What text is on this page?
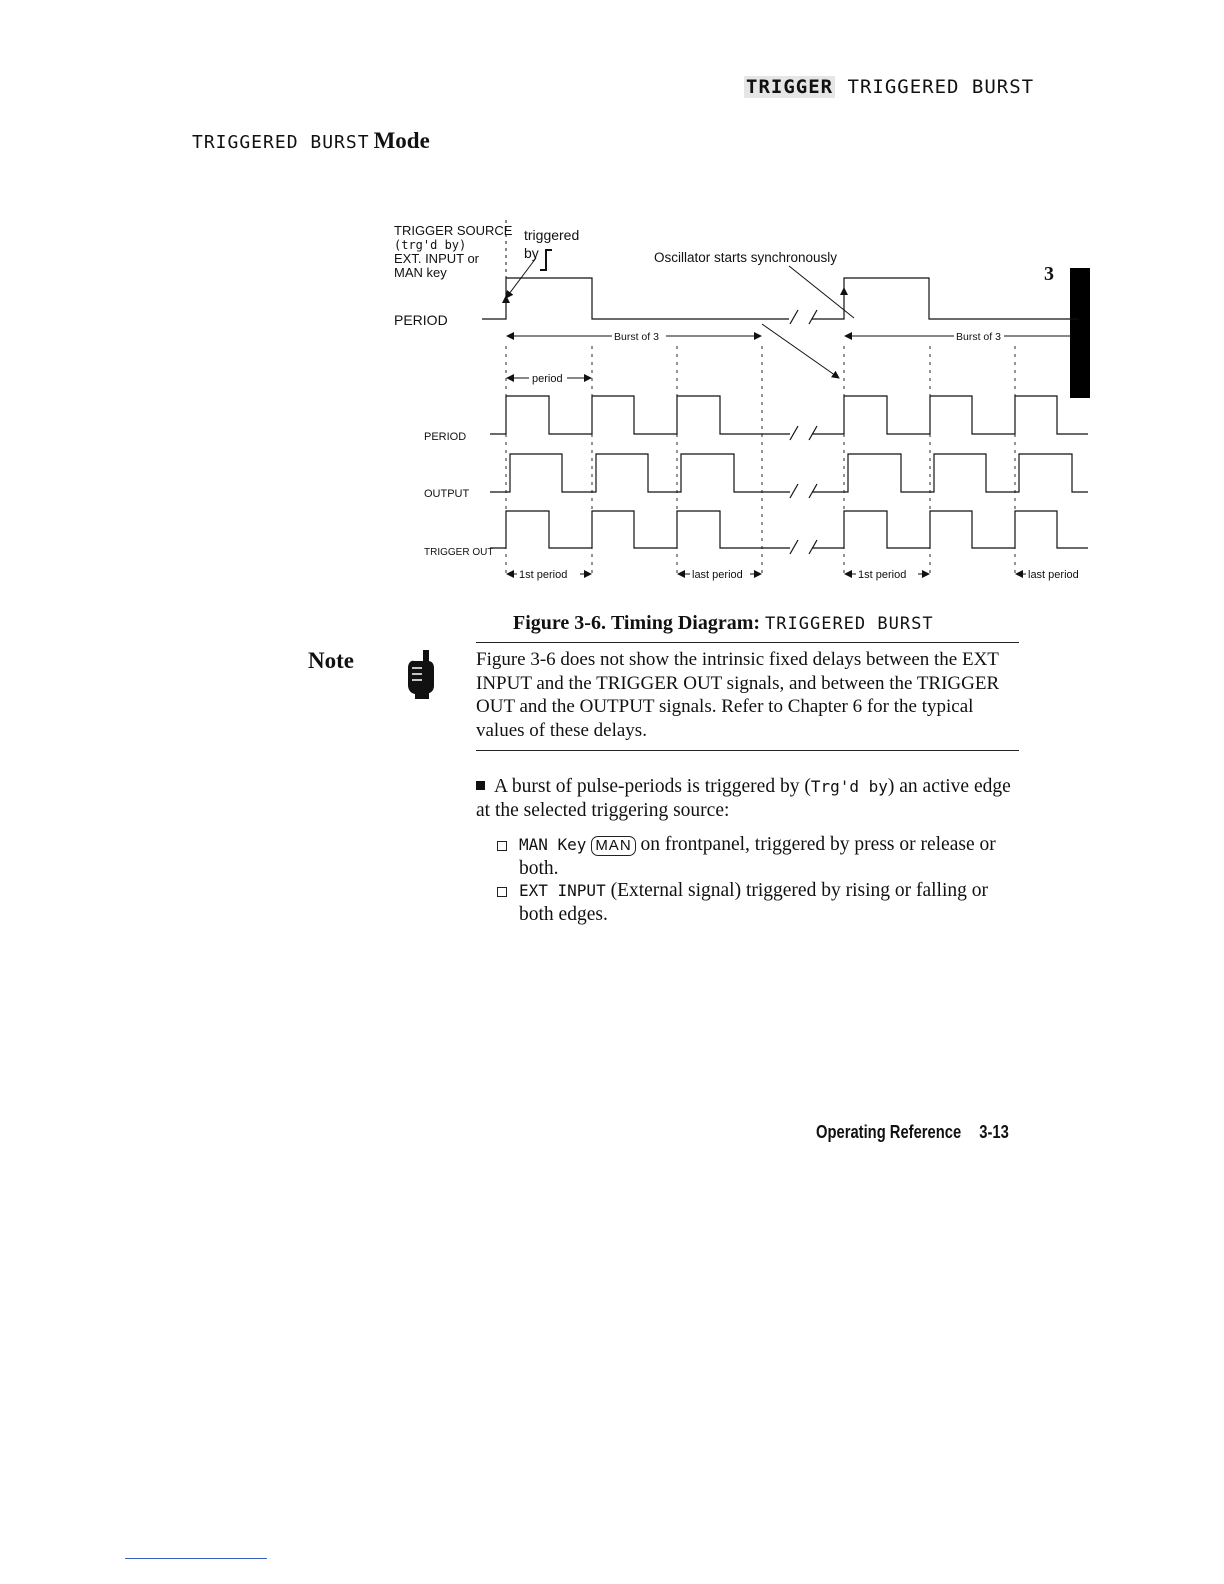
TRIGGER TRIGGERED BURST
TRIGGERED BURST Mode
3
TRIGGER SOURCE
(trg'd by)
EXT. INPUT or
MAN key
triggered
by	Oscillator starts synchronously
PERIOD
Burst of 3	Burst of 3
period
PERIOD
OUTPUT
TRIGGER OUT
1st period	last period	1st period	last period
Figure 3-6. Timing Diagram: TRIGGERED BURST
Note	Figure 3-6 does not show the intrinsic fixed delays between the EXT INPUT and the TRIGGER OUT signals, and between the TRIGGER OUT and the OUTPUT signals. Refer to Chapter 6 for the typical values of these delays.
A burst of pulse-periods is triggered by (Trg'd by) an active edge at the selected triggering source:
MAN Key MAN on frontpanel, triggered by press or release or both.
EXT INPUT (External signal) triggered by rising or falling or both edges.
Operating Reference 3-13
